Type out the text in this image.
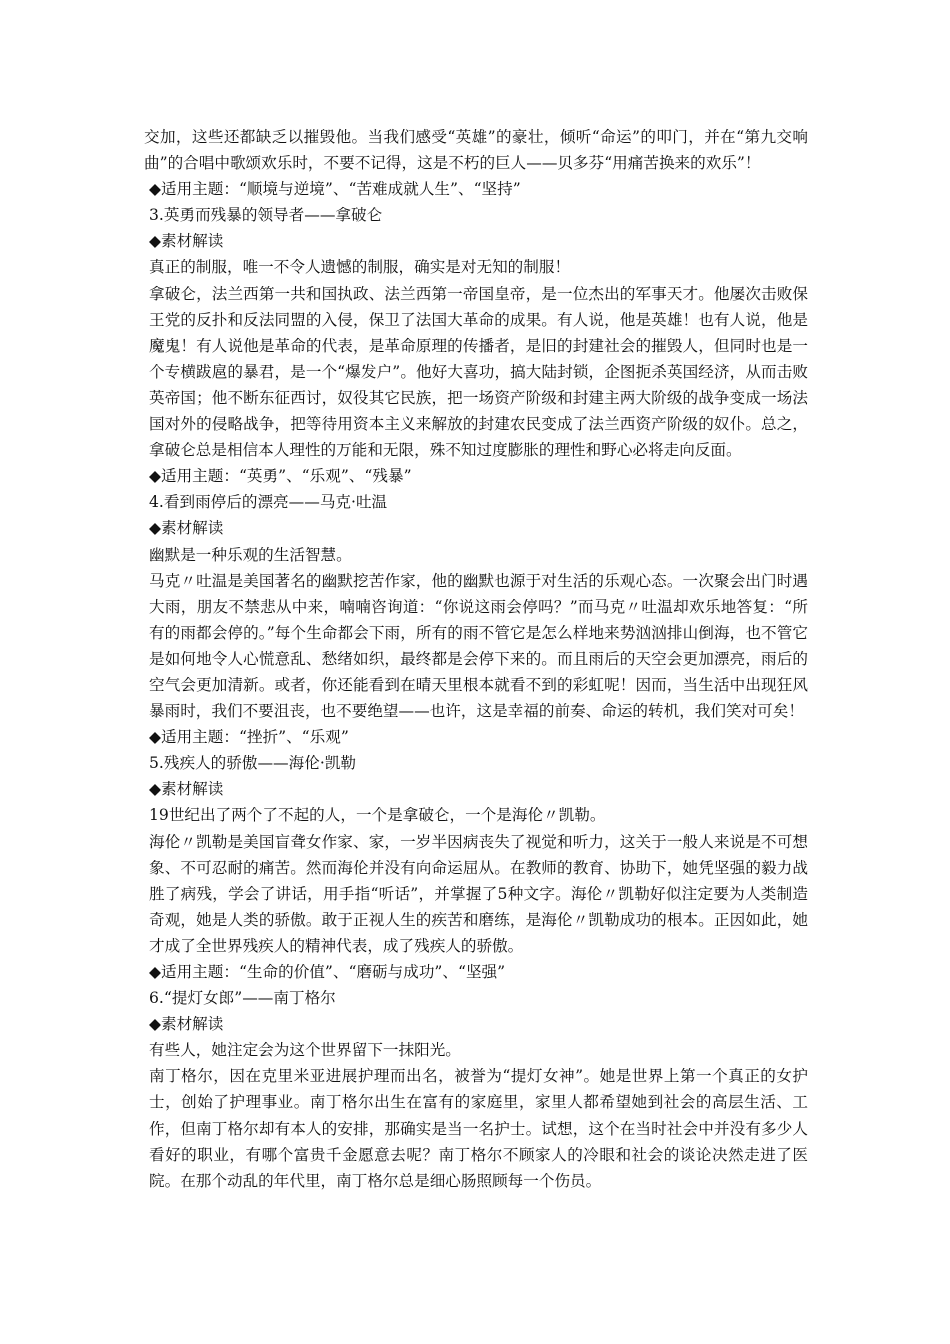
交加，这些还都缺乏以摧毁他。当我们感受“英雄”的豪壮，倾听“命运”的叩门，并在“第九交响曲”的合唱中歌颂欢乐时，不要不记得，这是不朽的巨人——贝多芬“用痛苦换来的欢乐”！

◆适用主题：“顺境与逆境”、“苦难成就人生”、“坚持”

3.英勇而残暴的领导者——拿破仑

◆素材解读

真正的制服，唯一不令人遗憾的制服，确实是对无知的制服！

拿破仑，法兰西第一共和国执政、法兰西第一帝国皇帝，是一位杰出的军事天才。他屡次击败保王党的反扑和反法同盟的入侵，保卫了法国大革命的成果。有人说，他是英雄！也有人说，他是魔鬼！有人说他是革命的代表，是革命原理的传播者，是旧的封建社会的摧毁人，但同时也是一个专横跋扈的暴君，是一个“爆发户”。他好大喜功，搞大陆封锁，企图扼杀英国经济，从而击败英帝国；他不断东征西讨，奴役其它民族，把一场资产阶级和封建主两大阶级的战争变成一场法国对外的侵略战争，把等待用资本主义来解放的封建农民变成了法兰西资产阶级的奴仆。总之，拿破仑总是相信本人理性的万能和无限，殊不知过度膨胀的理性和野心必将走向反面。

◆适用主题：“英勇”、“乐观”、“残暴”

4.看到雨停后的漂亮——马克·吐温

◆素材解读

幽默是一种乐观的生活智慧。

马克〃吐温是美国著名的幽默挖苦作家，他的幽默也源于对生活的乐观心态。一次聚会出门时遇大雨，朋友不禁悲从中来，喃喃咨询道：“你说这雨会停吗？”而马克〃吐温却欢乐地答复：“所有的雨都会停的。”每个生命都会下雨，所有的雨不管它是怎么样地来势汹汹排山倒海，也不管它是如何地令人心慌意乱、愁绪如织，最终都是会停下来的。而且雨后的天空会更加漂亮，雨后的空气会更加清新。或者，你还能看到在晴天里根本就看不到的彩虹呢！因而，当生活中出现狂风暴雨时，我们不要沮丧，也不要绝望——也许，这是幸福的前奏、命运的转机，我们笑对可矣！

◆适用主题：“挫折”、“乐观”

5.残疾人的骄傲——海伦·凯勒

◆素材解读

19世纪出了两个了不起的人，一个是拿破仑，一个是海伦〃凯勒。

海伦〃凯勒是美国盲聋女作家、家，一岁半因病丧失了视觉和听力，这关于一般人来说是不可想象、不可忍耐的痛苦。然而海伦并没有向命运屈从。在教师的教育、协助下，她凭坚强的毅力战胜了病残，学会了讲话，用手指“听话”，并掌握了5种文字。海伦〃凯勒好似注定要为人类制造奇观，她是人类的骄傲。敢于正视人生的疾苦和磨练，是海伦〃凯勒成功的根本。正因如此，她才成了全世界残疾人的精神代表，成了残疾人的骄傲。

◆适用主题：“生命的价值”、“磨砺与成功”、“坚强”

6.“提灯女郎”——南丁格尔

◆素材解读

有些人，她注定会为这个世界留下一抹阳光。

南丁格尔，因在克里米亚进展护理而出名，被誉为“提灯女神”。她是世界上第一个真正的女护士，创始了护理事业。南丁格尔出生在富有的家庭里，家里人都希望她到社会的高层生活、工作，但南丁格尔却有本人的安排，那确实是当一名护士。试想，这个在当时社会中并没有多少人看好的职业，有哪个富贵千金愿意去呢？南丁格尔不顾家人的冷眼和社会的谈论决然走进了医院。在那个动乱的年代里，南丁格尔总是细心肠照顾每一个伤员。
